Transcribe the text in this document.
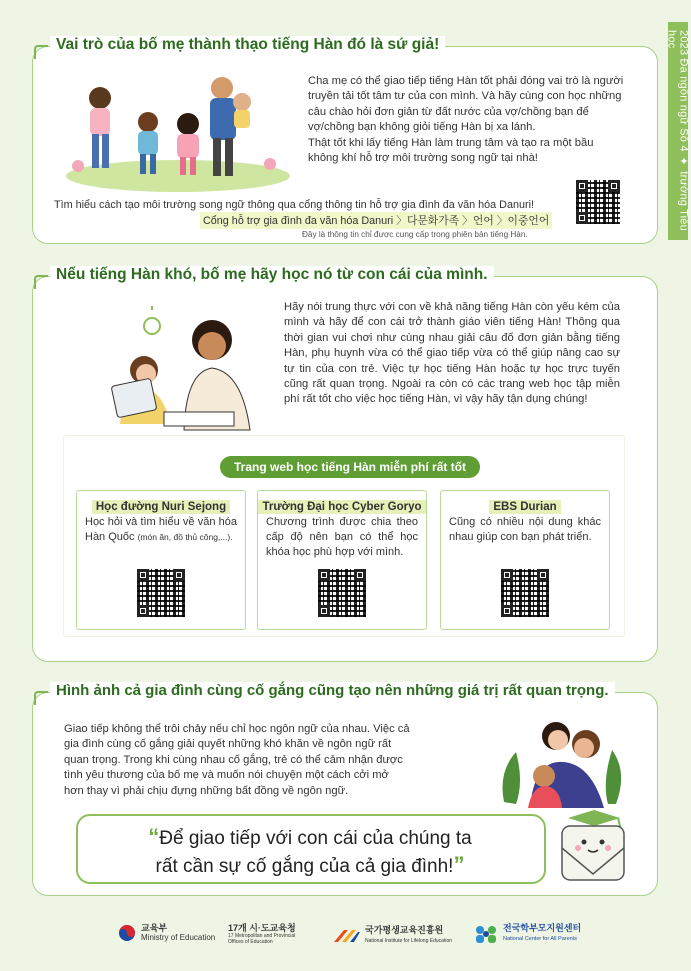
2023 Đa ngôn ngữ Số 4 ✦ trường Tiểu học
Vai trò của bố mẹ thành thạo tiếng Hàn đó là sứ giả!
Cha mẹ có thể giao tiếp tiếng Hàn tốt phải đóng vai trò là người truyền tải tốt tâm tư của con mình. Và hãy cùng con học những câu chào hỏi đơn giản từ đất nước của vợ/chồng bạn để vợ/chồng bạn không giỏi tiếng Hàn bị xa lánh.
Thật tốt khi lấy tiếng Hàn làm trung tâm và tạo ra một bầu không khí hỗ trợ môi trường song ngữ tại nhà!
Tìm hiểu cách tạo môi trường song ngữ thông qua cổng thông tin hỗ trợ gia đình đa văn hóa Danuri!
Cổng hỗ trợ gia đình đa văn hóa Danuri 〉다문화가족 〉언어 〉이중언어
Đây là thông tin chỉ được cung cấp trong phiên bản tiếng Hàn.
Nếu tiếng Hàn khó, bố mẹ hãy học nó từ con cái của mình.
Hãy nói trung thực với con về khả năng tiếng Hàn còn yếu kém của mình và hãy để con cái trở thành giáo viên tiếng Hàn! Thông qua thời gian vui chơi như cùng nhau giải câu đố đơn giản bằng tiếng Hàn, phụ huynh vừa có thể giao tiếp vừa có thể giúp nâng cao sự tự tin của con trẻ. Việc tự học tiếng Hàn hoặc tự học trực tuyến cũng rất quan trọng. Ngoài ra còn có các trang web học tập miễn phí rất tốt cho việc học tiếng Hàn, vì vậy hãy tận dụng chúng!
Trang web học tiếng Hàn miễn phí rất tốt
Học đường Nuri Sejong
Học hỏi và tìm hiểu về văn hóa Hàn Quốc (món ăn, đồ thủ công,...).
Trường Đại học Cyber Goryo
Chương trình được chia theo cấp độ nên bạn có thể học khóa học phù hợp với mình.
EBS Durian
Cũng có nhiều nội dung khác nhau giúp con bạn phát triển.
Hình ảnh cả gia đình cùng cố gắng cũng tạo nên những giá trị rất quan trọng.
Giao tiếp không thể trôi chảy nếu chỉ học ngôn ngữ của nhau. Việc cả gia đình cùng cố gắng giải quyết những khó khăn về ngôn ngữ rất quan trọng. Trong khi cùng nhau cố gắng, trẻ có thể cảm nhận được tình yêu thương của bố mẹ và muốn nói chuyện một cách cởi mở hơn thay vì phải chịu đựng những bất đồng về ngôn ngữ.
“Để giao tiếp với con cái của chúng ta
rất cần sự cố gắng của cả gia đình!”
교육부
Ministry of Education
17개 시·도교육청
17 Metropolitan and Provincial Offices of Education
국가평생교육진흥원
National Institute for Lifelong Education
전국학부모지원센터
National Center for All Parents
